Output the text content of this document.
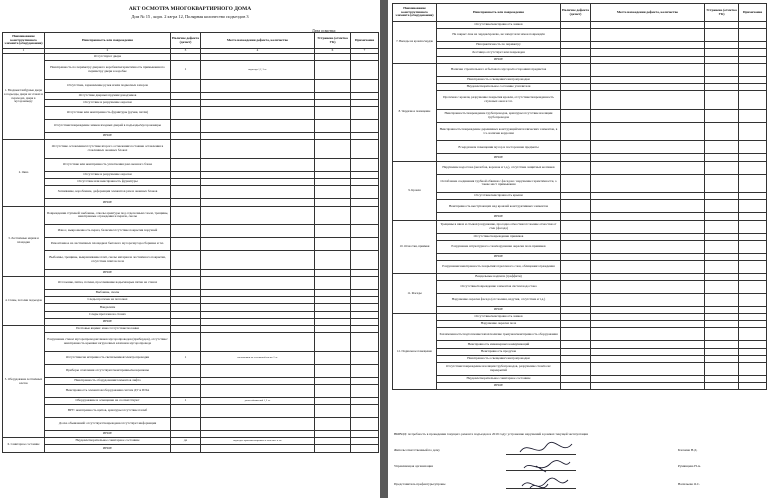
АКТ ОСМОТРА МНОГОКВАРТИРНОГО ДОМА
Дом № 15 , корп. 2 кв-ра 12, Полярная количество подъездов 3
Дата осмотра:
Наименование конструктивного элемента (оборудования)	Неисправность или повреждение	Наличие дефекта (да/нет)	Место нахождения дефекта, количество	Устранено (отметка УК)	Примечание
1	2	3	4	6	7
1. Входные/тамбурные двери в подъезды, двери на этажах и переходах, двери в мусорокамеру	Отсутствуют двери				
	Неисправность по периметру дверного коробки/негерметичность примыкания по периметру двери к коробке	1	подъезды 1,2, 3 ст.		
	Отсутствие, заржавление ручек и/или подвесных запоров				
	Отсутствие дверных пружин/доводчиков				
	Отсутствие и разрушение окраски				
	Отсутствие или неисправность фурнитуры (ручки, петли)				
	Отсутствие/повреждение замков входных дверей в подъезды/мусорокамеры				
	ИНОЕ				
2. Окна	Отсутствие остекления/отсутствие второго остекления/состояние остекления в стеклянных оконных блоках				
	Отсутствие или неисправность уплотнения рам оконного блока				
	Отсутствие и разрушение окраски				
	Отсутствие или неисправность фурнитуры				
	Загнивание, коробление, деформация элементов рам и оконных блоков				
	ИНОЕ				
3. Лестничные марши и площадки	Повреждения ступеней: выбоины, отколы арматуры под отделочным слоем, трещины, неисправные ограждения и перила, сколы				
	Износ, выкрошенность перил, балясин/отсутствие покрытия поручней				
	Ремонтанное на лестничных площадках бытового мусора/мусоросборника и т.п.				
	Выбоины, трещины, выкрашивание плит, сколы материала лестничного покрытия, отсутствие плиток пола				
	ИНОЕ				
4. Стены, потолки подъездов	Отслоение, пятна, потеки, просачивание воды/мокрые пятна на стенах				
	Выбоины, сколы				
	Следы протечек на потолках				
	Вандализм				
	Следы протечек на стенах				
	ИНОЕ				
5. Оборудование лестничных клеток	Почтовые ящики: износ/отсутствие/поломки				
	Разрушение стекол мусоропроводов/люков мусоропроводов (прибордов), отсутствие/неисправность крышки загрузочных клапанов мусоропровода				
	Отсутствие/не исправность светильников/электропроводки	1	светильники на лестничной клетке 2 эт.		
	Приборы отопления отсутствуют/неисправны/неокрашены				
	Неисправность оборудования/элементов лифта				
	Неисправность элементов/оборудования систем ДУ и ППА				
	Оборудование и освещение не соответствуют	1	доски объявлений 1, 2 ст.		
	ВРУ: неисправность щитов, арматуры/отсутствие пломб				
	Доска объявлений: отсутствует/повреждена/отсутствует информация				
	ИНОЕ				
6. Санитарное состояние	Неудовлетворительное санитарное состояние	да	подъезды: прокомментировать в этом акте и т.п.		
	ИНОЕ				
Наименование конструктивного элемента (оборудования)	Неисправность или повреждение	Наличие дефекта (да/нет)	Место нахождения дефекта, количество	Устранено (отметка УК)	Примечание
7. Выходы на кровлю/чердак	Отсутствие/неисправность замков				
	Не закрыт люк на чердак/кровлю, не заперт или замок повреждён				
	Негерметичность по периметру				
	Лестница отсутствует или поврежден				
	ИНОЕ				
8. Чердачное помещение	Наличие строительного и бытового мусора/посторонних предметов				
	Неисправность освещения/электропроводки				
	Неудовлетворительное состояние утеплителя				
	Протечки с кровли, разрушение покрытия кровли, отсутствие/поврежденность слуховых окон и т.п.				
	Неисправность/повреждение трубопроводов, арматуры/отсутствие изоляции трубопроводов				
	Неисправность/повреждение деревянных конструкций/металлических элементов, в т.ч. наличие коррозии				
	В чердачном помещении мусор и посторонние предметы				
	ИНОЕ				
9. Кровля	Нарушение водостока (желобов, воронок и т.д.), отсутствие защитных колпаков				
	Ослабление соединения трубной обвязки с фасадом / нарушение герметичности, а также мест примыкания				
	Отсутствие/неисправность крыши				
	Неисправность выступающих над кровлей конструктивных элементов				
	ИНОЕ				
10. Отмостки, приямки	Трещины в швах и стыках/разрушение, просадка отмостки/отслоение отмостки от стен (фасада)				
	Отсутствие/повреждение приямков				
	Разрушение штукатурного слоя/нарушение окраски пола приямков				
	ИНОЕ				
	Разрушение/неисправность покрытия/отделочного слоя, облицовки/ограждения				
11. Фасады	Вандальные надписи (граффити)				
	Отсутствие/повреждение элементов систем водостока				
	Нарушение окраски фасада (отслоения, вздутия, отсутствие и т.д.)				
	ИНОЕ				
12. Подвальное помещение	Отсутствие/неисправность замков				
	Нарушение окраски пола				
	Захламленность/подтопление/запах/наличие грызунов/неисправность оборудования				
	Неисправность инженерных коммуникаций				
	Неисправность продухов				
	Неисправность освещения/электропроводки				
	Отсутствие/повреждение изоляции трубопроводов, разрушение стен/пола/перекрытий				
	Неудовлетворительное санитарное состояние				
	ИНОЕ				
ВЫВОД: потребность в проведении текущего ремонта подъездов в 2019 году: устранение нарушений в рамках текущей эксплуатации
Житель/ответственный по дому	Блохина Н.Д.
Управляющая организация	Румянцева Н.А.
Представитель префектуры/управы	Васильева О.С.
